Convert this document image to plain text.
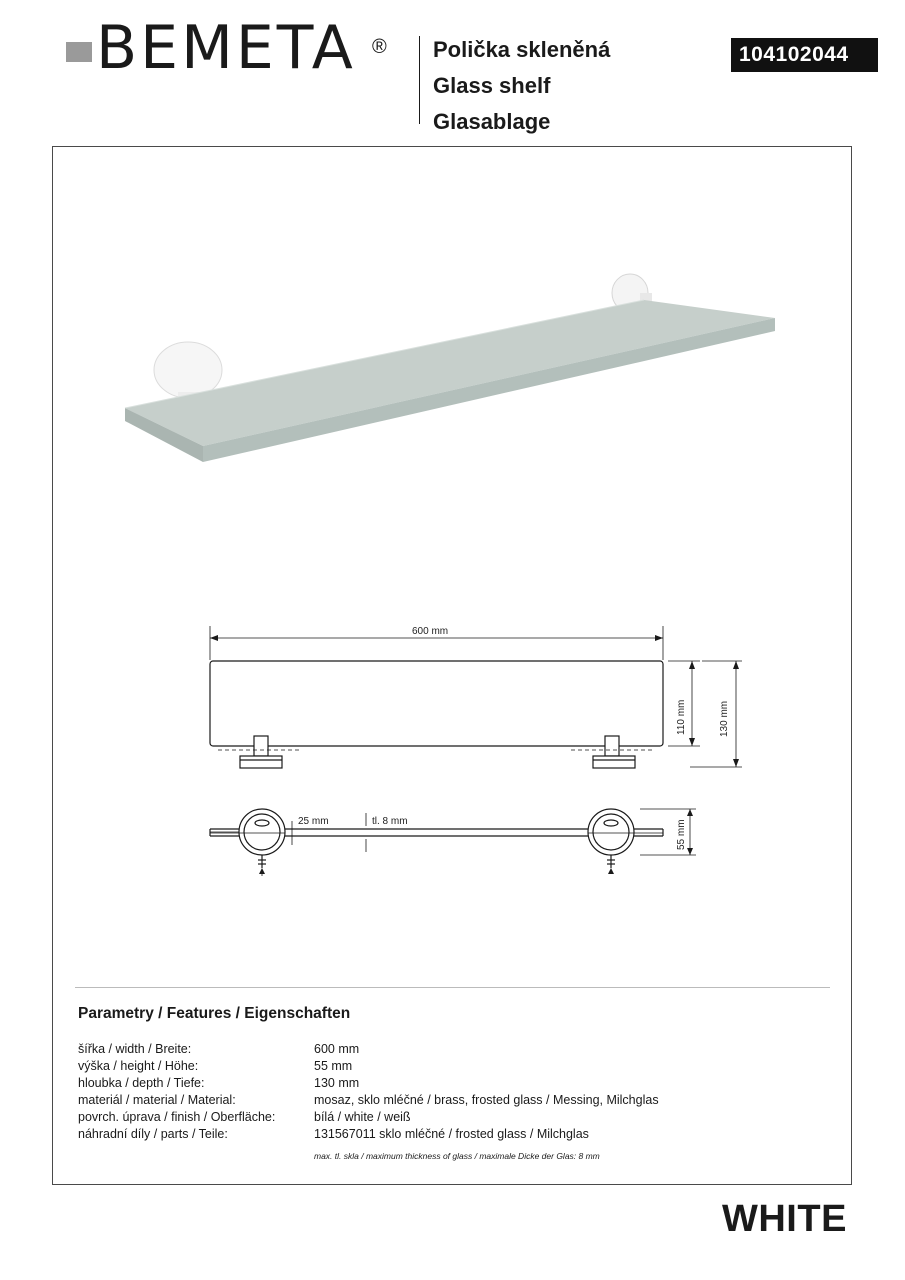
BEMETA ® Polička skleněná
Glass shelf
Glasablage
104102044
600 mm
110 mm	130 mm
25 mm	tl. 8 mm	55 mm
Parametry / Features / Eigenschaften
šířka / width / Breite:	600 mm
výška / height / Höhe:	55 mm
hloubka / depth / Tiefe:	130 mm
materiál / material / Material:	mosaz, sklo mléčné / brass, frosted glass / Messing, Milchglas
povrch. úprava / finish / Oberfläche:	bílá / white / weiß
náhradní díly / parts / Teile:	131567011 sklo mléčné / frosted glass / Milchglas
max. tl. skla / maximum thickness of glass / maximale Dicke der Glas: 8 mm
WHITE
